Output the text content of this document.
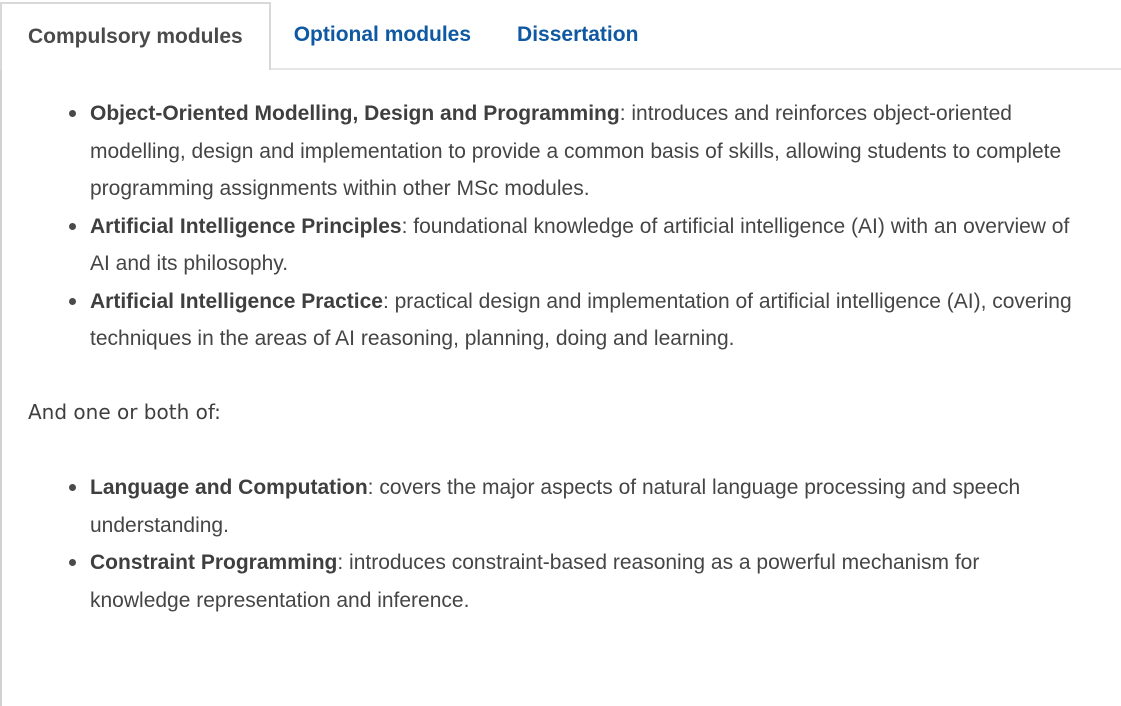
Compulsory modules Optional modules Dissertation
Object-Oriented Modelling, Design and Programming: introduces and reinforces object-oriented modelling, design and implementation to provide a common basis of skills, allowing students to complete programming assignments within other MSc modules.
Artificial Intelligence Principles: foundational knowledge of artificial intelligence (AI) with an overview of AI and its philosophy.
Artificial Intelligence Practice: practical design and implementation of artificial intelligence (AI), covering techniques in the areas of AI reasoning, planning, doing and learning.

And one or both of:

Language and Computation: covers the major aspects of natural language processing and speech understanding.
Constraint Programming: introduces constraint-based reasoning as a powerful mechanism for knowledge representation and inference.
